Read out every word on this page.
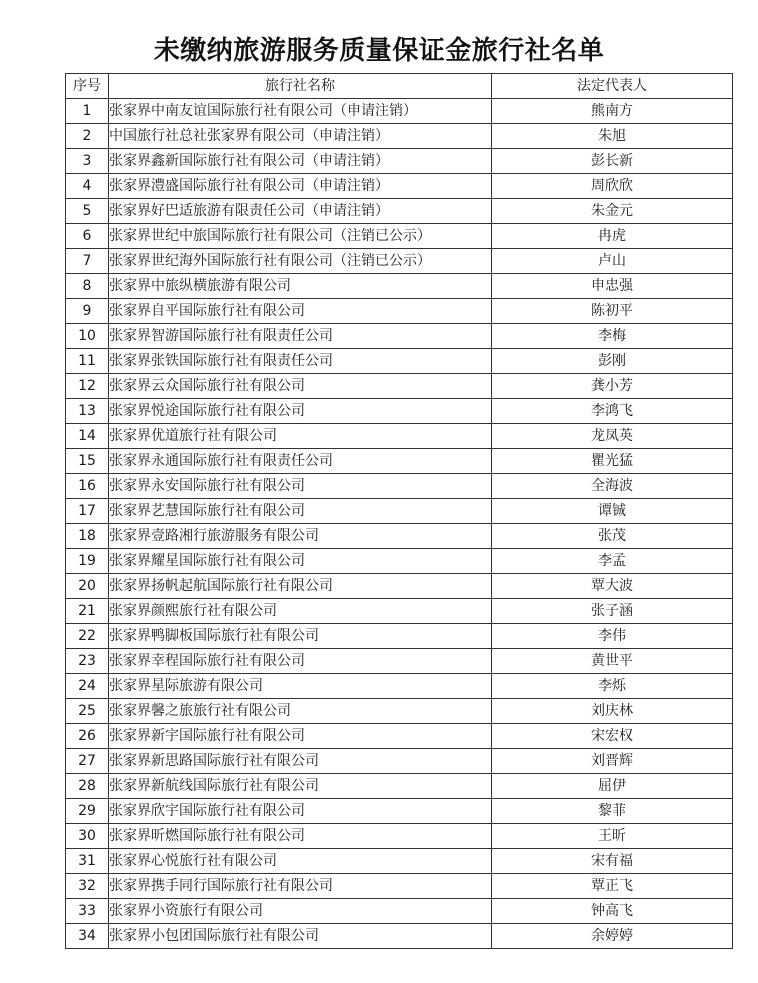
未缴纳旅游服务质量保证金旅行社名单
序号	旅行社名称	法定代表人
1	张家界中南友谊国际旅行社有限公司（申请注销）	熊南方
2	中国旅行社总社张家界有限公司（申请注销）	朱旭
3	张家界鑫新国际旅行社有限公司（申请注销）	彭长新
4	张家界澧盛国际旅行社有限公司（申请注销）	周欣欣
5	张家界好巴适旅游有限责任公司（申请注销）	朱金元
6	张家界世纪中旅国际旅行社有限公司（注销已公示）	冉虎
7	张家界世纪海外国际旅行社有限公司（注销已公示）	卢山
8	张家界中旅纵横旅游有限公司	申忠强
9	张家界自平国际旅行社有限公司	陈初平
10	张家界智游国际旅行社有限责任公司	李梅
11	张家界张铁国际旅行社有限责任公司	彭刚
12	张家界云众国际旅行社有限公司	龚小芳
13	张家界悦途国际旅行社有限公司	李鸿飞
14	张家界优道旅行社有限公司	龙凤英
15	张家界永通国际旅行社有限责任公司	瞿光猛
16	张家界永安国际旅行社有限公司	全海波
17	张家界艺慧国际旅行社有限公司	谭铖
18	张家界壹路湘行旅游服务有限公司	张茂
19	张家界耀星国际旅行社有限公司	李孟
20	张家界扬帆起航国际旅行社有限公司	覃大波
21	张家界颜熙旅行社有限公司	张子涵
22	张家界鸭脚板国际旅行社有限公司	李伟
23	张家界幸程国际旅行社有限公司	黄世平
24	张家界星际旅游有限公司	李烁
25	张家界馨之旅旅行社有限公司	刘庆林
26	张家界新宇国际旅行社有限公司	宋宏权
27	张家界新思路国际旅行社有限公司	刘晋辉
28	张家界新航线国际旅行社有限公司	屈伊
29	张家界欣宇国际旅行社有限公司	黎菲
30	张家界昕燃国际旅行社有限公司	王昕
31	张家界心悦旅行社有限公司	宋有福
32	张家界携手同行国际旅行社有限公司	覃正飞
33	张家界小资旅行有限公司	钟高飞
34	张家界小包团国际旅行社有限公司	余婷婷
